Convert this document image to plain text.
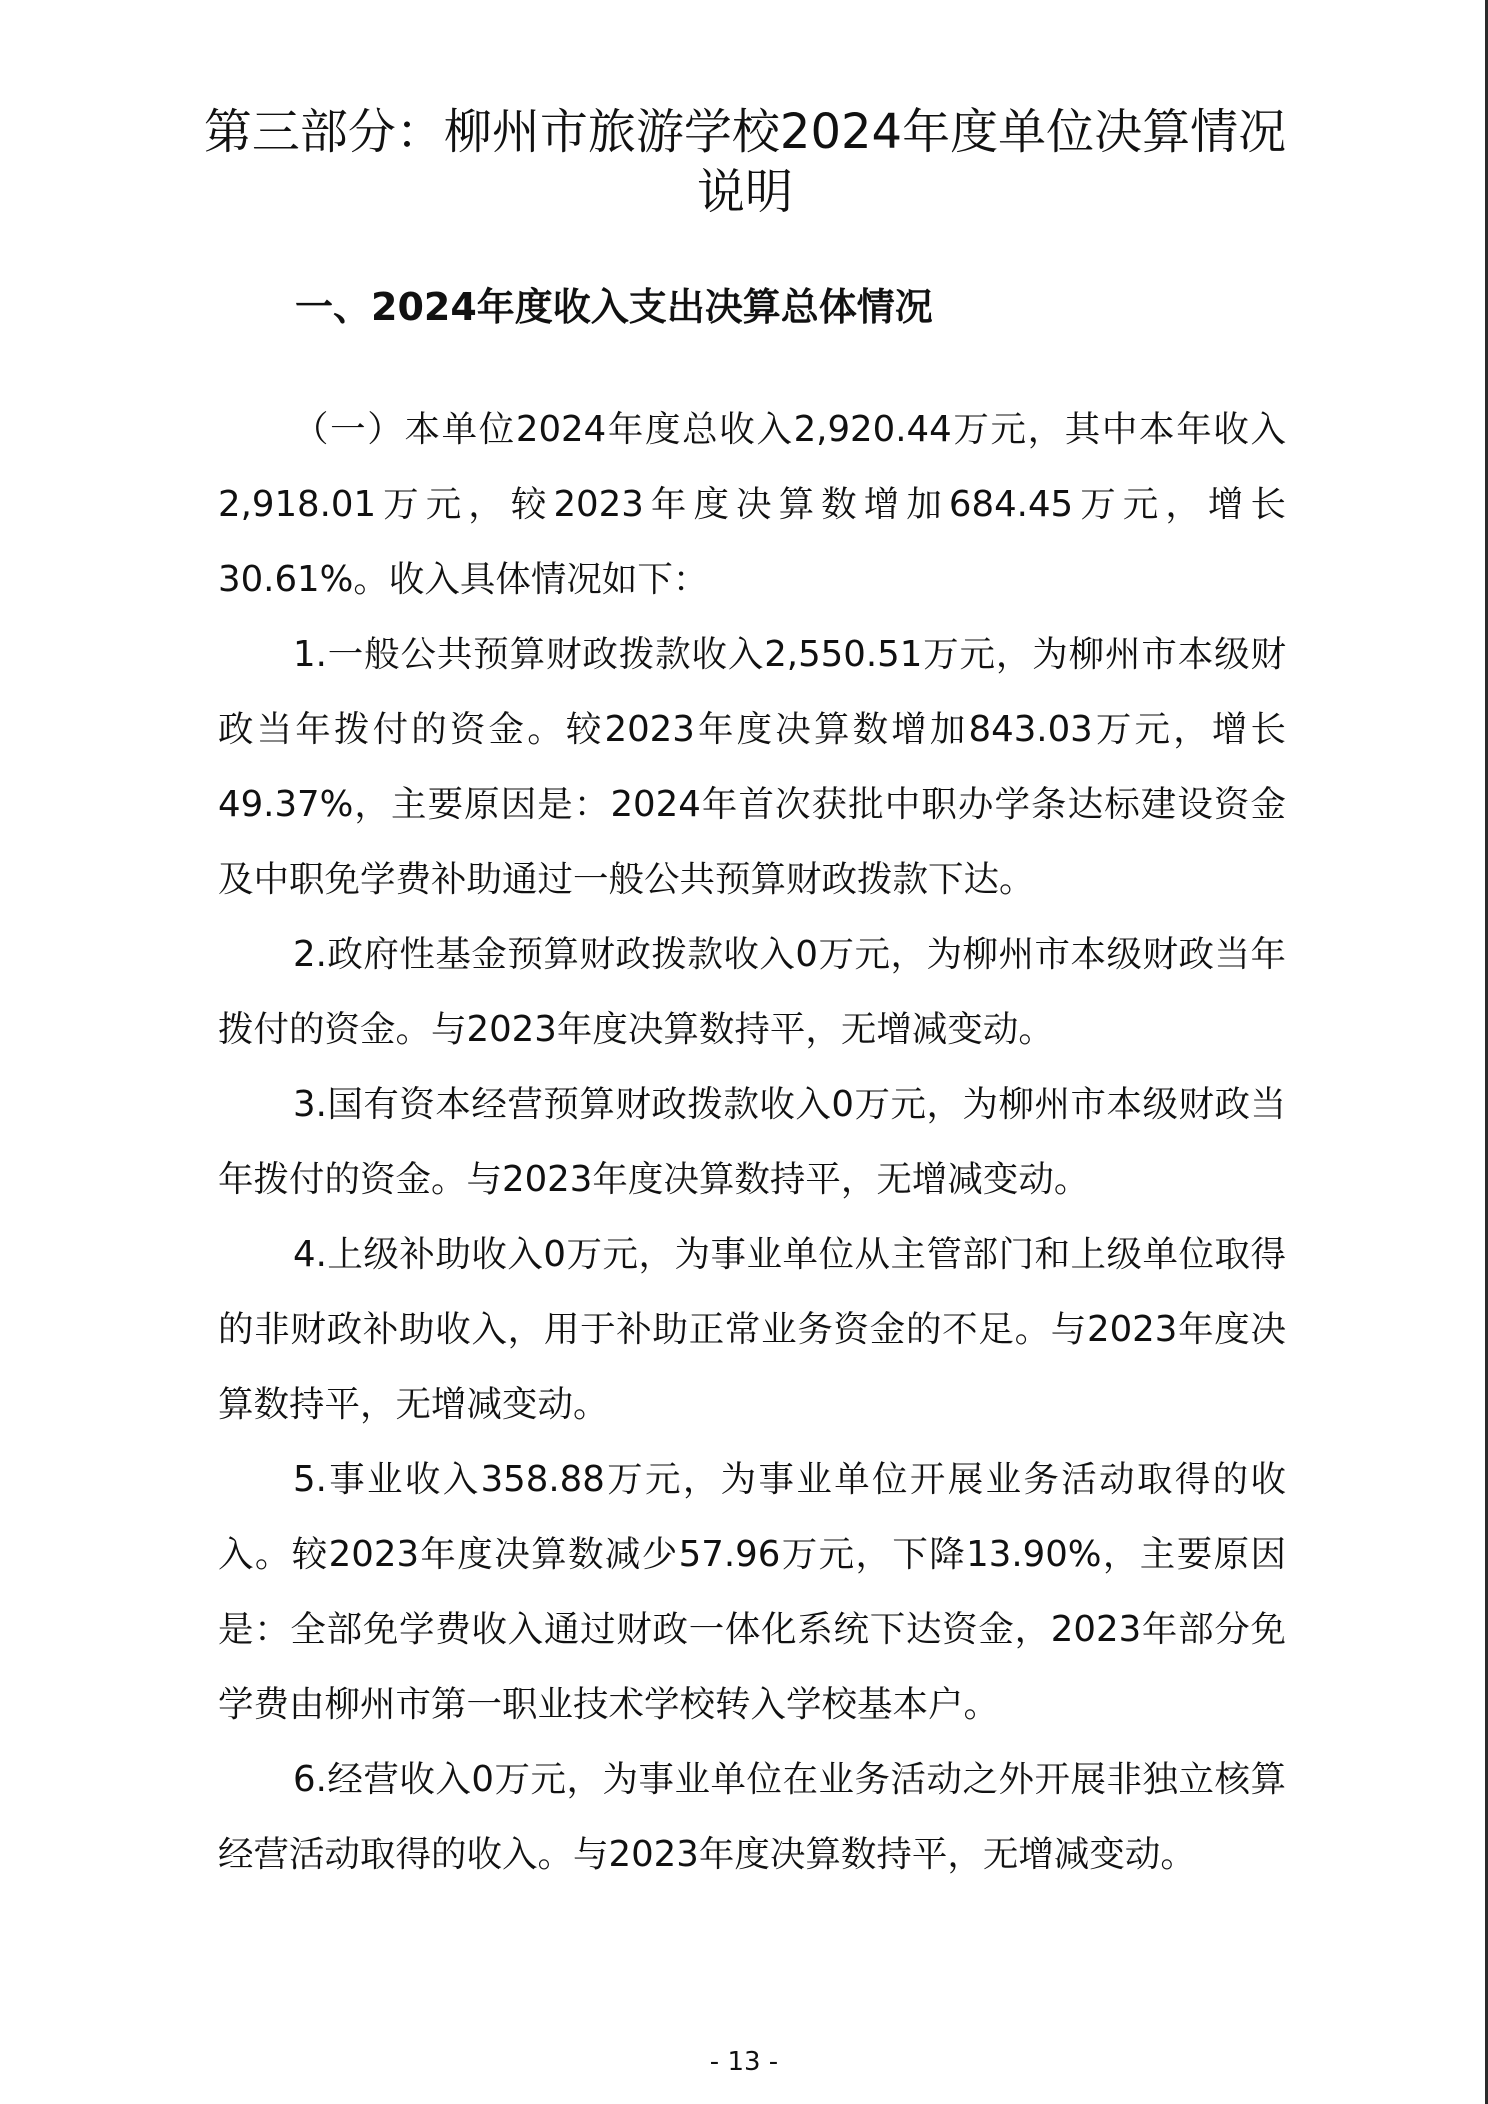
第三部分：柳州市旅游学校2024年度单位决算情况说明
一、2024年度收入支出决算总体情况

（一）本单位2024年度总收入2,920.44万元，其中本年收入2,918.01万元，较2023年度决算数增加684.45万元，增长30.61%。收入具体情况如下：

1.一般公共预算财政拨款收入2,550.51万元，为柳州市本级财政当年拨付的资金。较2023年度决算数增加843.03万元，增长49.37%，主要原因是：2024年首次获批中职办学条达标建设资金及中职免学费补助通过一般公共预算财政拨款下达。

2.政府性基金预算财政拨款收入0万元，为柳州市本级财政当年拨付的资金。与2023年度决算数持平，无增减变动。

3.国有资本经营预算财政拨款收入0万元，为柳州市本级财政当年拨付的资金。与2023年度决算数持平，无增减变动。

4.上级补助收入0万元，为事业单位从主管部门和上级单位取得的非财政补助收入，用于补助正常业务资金的不足。与2023年度决算数持平，无增减变动。

5.事业收入358.88万元，为事业单位开展业务活动取得的收入。较2023年度决算数减少57.96万元，下降13.90%，主要原因是：全部免学费收入通过财政一体化系统下达资金，2023年部分免学费由柳州市第一职业技术学校转入学校基本户。

6.经营收入0万元，为事业单位在业务活动之外开展非独立核算经营活动取得的收入。与2023年度决算数持平，无增减变动。

- 13 -
